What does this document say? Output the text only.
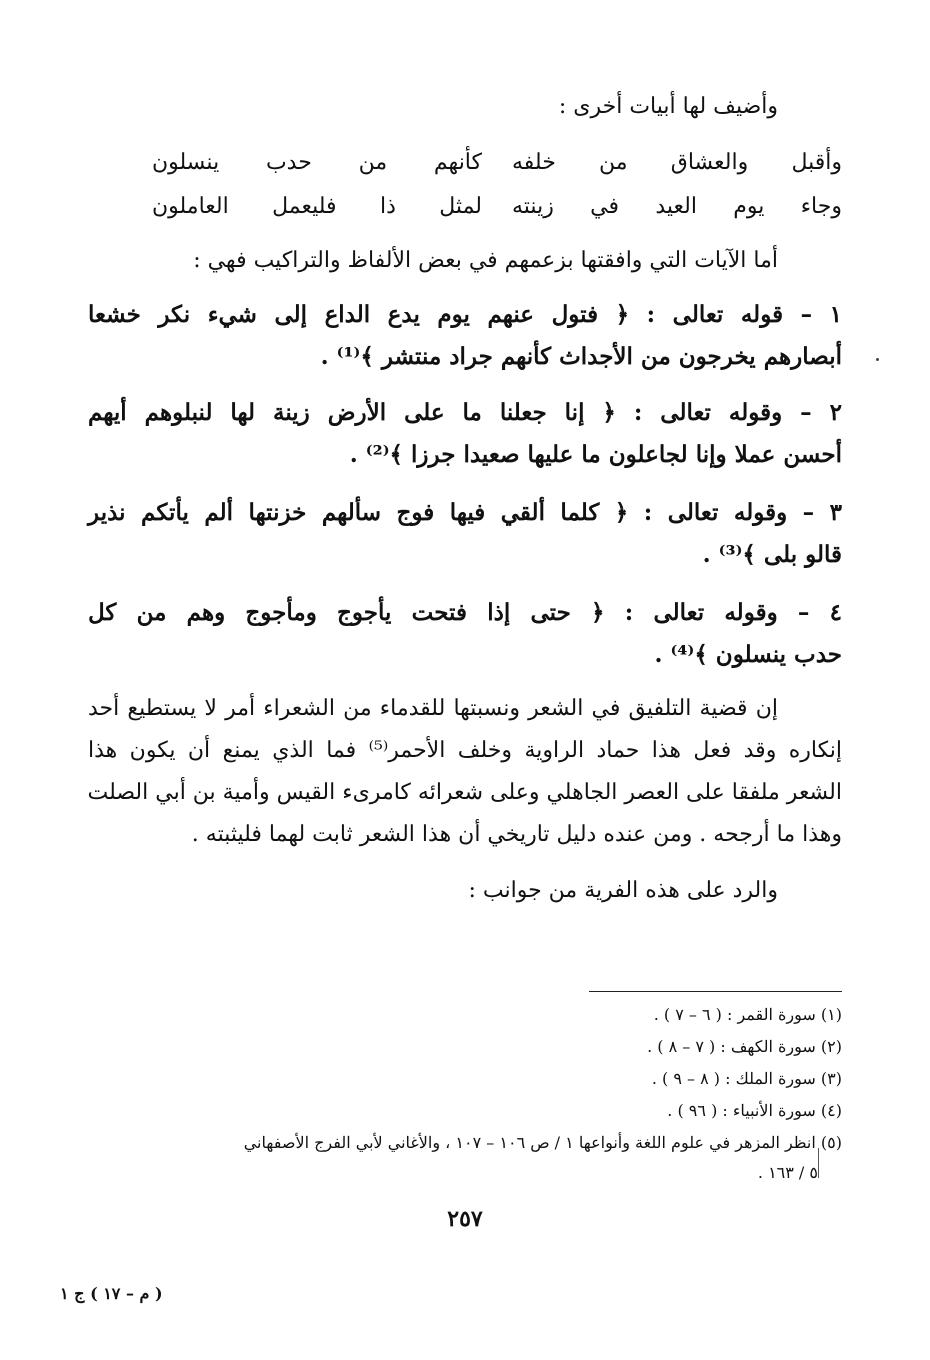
وأضيف لها أبيات أخرى :
وأقبل والعشاق من خلفه
كأنهم من حدب ينسلون
وجاء يوم العيد في زينته
لمثل ذا فليعمل العاملون
أما الآيات التي وافقتها بزعمهم في بعض الألفاظ والتراكيب فهي :
١ – قوله تعالى : ﴿ فتول عنهم يوم يدع الداع إلى شيء نكر خشعا
أبصارهم يخرجون من الأجداث كأنهم جراد منتشر ﴾⁽¹⁾ .
٢ – وقوله تعالى : ﴿ إنا جعلنا ما على الأرض زينة لها لنبلوهم أيهم
أحسن عملا وإنا لجاعلون ما عليها صعيدا جرزا ﴾⁽²⁾ .
٣ – وقوله تعالى : ﴿ كلما ألقي فيها فوج سألهم خزنتها ألم يأتكم نذير
قالو بلى ﴾⁽³⁾ .
٤ – وقوله تعالى : ﴿ حتى إذا فتحت يأجوج ومأجوج وهم من كل
حدب ينسلون ﴾⁽⁴⁾ .
إن قضية التلفيق في الشعر ونسبتها للقدماء من الشعراء أمر لا يستطيع أحد
إنكاره وقد فعل هذا حماد الراوية وخلف الأحمر⁽⁵⁾ فما الذي يمنع أن يكون هذا
الشعر ملفقا على العصر الجاهلي وعلى شعرائه كامرىء القيس وأمية بن أبي الصلت
وهذا ما أرجحه . ومن عنده دليل تاريخي أن هذا الشعر ثابت لهما فليثبته .
والرد على هذه الفرية من جوانب :
(١) سورة القمر : ( ٦ – ٧ ) .
(٢) سورة الكهف : ( ٧ – ٨ ) .
(٣) سورة الملك : ( ٨ – ٩ ) .
(٤) سورة الأنبياء : ( ٩٦ ) .
(٥) انظر المزهر في علوم اللغة وأنواعها ١ / ص ١٠٦ – ١٠٧ ، والأغاني لأبي الفرج الأصفهاني
٥ / ١٦٣ .
٢٥٧
( م – ١٧ ) ج ١
